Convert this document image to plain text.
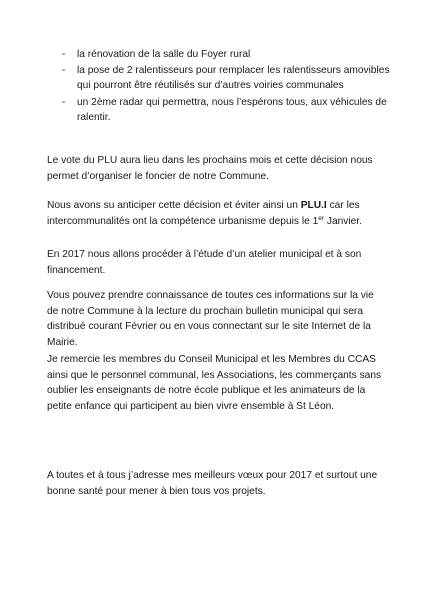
- la rénovation de la salle du Foyer rural
- la pose de 2 ralentisseurs pour remplacer les ralentisseurs amovibles qui pourront être réutilisés sur d’autres voiries communales
- un 2ème radar qui permettra, nous l’espérons tous, aux véhicules de ralentir.

Le vote du PLU aura lieu dans les prochains mois et cette décision nous permet d’organiser le foncier de notre Commune.

Nous avons su anticiper cette décision et éviter ainsi un PLU.I car les intercommunalités ont la compétence urbanisme depuis le 1er Janvier.

En 2017 nous allons procéder à l’étude d’un atelier municipal et à son financement.

Vous pouvez prendre connaissance de toutes ces informations sur la vie de notre Commune à la lecture du prochain bulletin municipal qui sera distribué courant Février ou en vous connectant sur le site Internet de la Mairie.

Je remercie les membres du Conseil Municipal et les Membres du CCAS ainsi que le personnel communal, les Associations, les commerçants sans oublier les enseignants de notre école publique et les animateurs de la petite enfance qui participent au bien vivre ensemble à St Léon.

A toutes et à tous j’adresse mes meilleurs vœux pour 2017 et surtout une bonne santé pour mener à bien tous vos projets.
